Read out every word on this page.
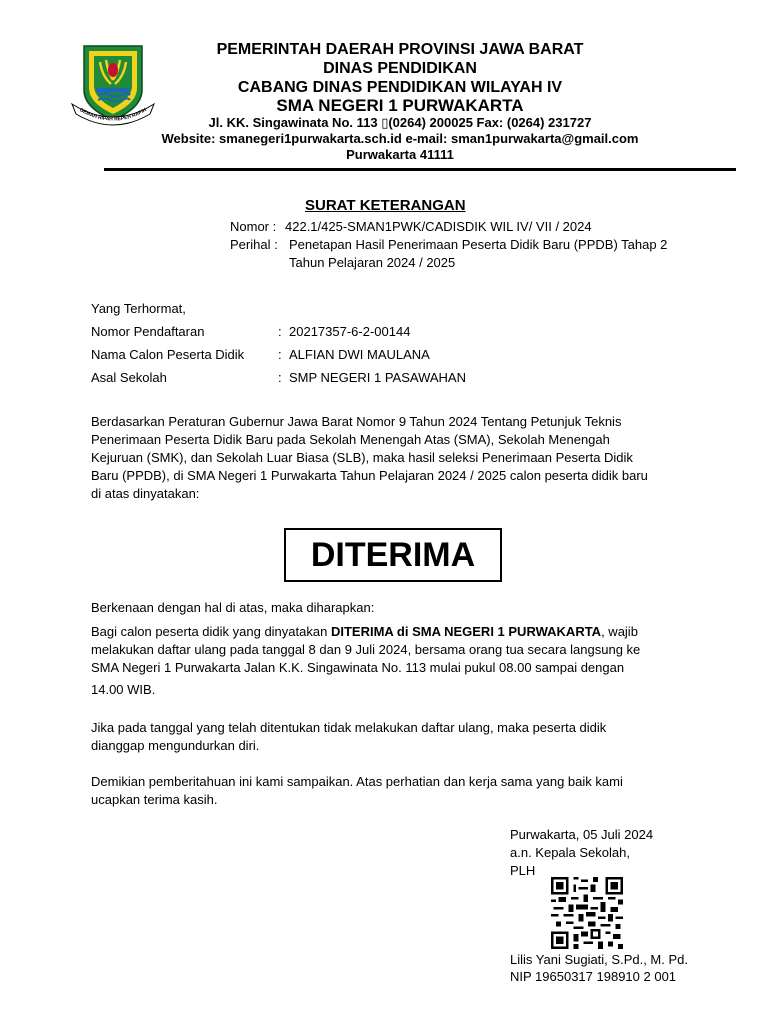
GEMAH RIPAH REPEH RAPIH
PEMERINTAH DAERAH PROVINSI JAWA BARAT
DINAS PENDIDIKAN
CABANG DINAS PENDIDIKAN WILAYAH IV
SMA NEGERI 1 PURWAKARTA
Jl. KK. Singawinata No. 113 ▯(0264) 200025 Fax: (0264) 231727
Website: smanegeri1purwakarta.sch.id e-mail: sman1purwakarta@gmail.com
Purwakarta 41111
SURAT KETERANGAN
Nomor : 422.1/425-SMAN1PWK/CADISDIK WIL IV/ VII / 2024
Perihal : Penetapan Hasil Penerimaan Peserta Didik Baru (PPDB) Tahap 2
Tahun Pelajaran 2024 / 2025
Yang Terhormat,
Nomor Pendaftaran	: 20217357-6-2-00144
Nama Calon Peserta Didik	: ALFIAN DWI MAULANA
Asal Sekolah	: SMP NEGERI 1 PASAWAHAN
Berdasarkan Peraturan Gubernur Jawa Barat Nomor 9 Tahun 2024 Tentang Petunjuk Teknis
Penerimaan Peserta Didik Baru pada Sekolah Menengah Atas (SMA), Sekolah Menengah
Kejuruan (SMK), dan Sekolah Luar Biasa (SLB), maka hasil seleksi Penerimaan Peserta Didik
Baru (PPDB), di SMA Negeri 1 Purwakarta Tahun Pelajaran 2024 / 2025 calon peserta didik baru
di atas dinyatakan:
DITERIMA
Berkenaan dengan hal di atas, maka diharapkan:
Bagi calon peserta didik yang dinyatakan DITERIMA di SMA NEGERI 1 PURWAKARTA, wajib
melakukan daftar ulang pada tanggal 8 dan 9 Juli 2024, bersama orang tua secara langsung ke
SMA Negeri 1 Purwakarta Jalan K.K. Singawinata No. 113 mulai pukul 08.00 sampai dengan
14.00 WIB.
Jika pada tanggal yang telah ditentukan tidak melakukan daftar ulang, maka peserta didik
dianggap mengundurkan diri.
Demikian pemberitahuan ini kami sampaikan. Atas perhatian dan kerja sama yang baik kami
ucapkan terima kasih.
Purwakarta, 05 Juli 2024
a.n. Kepala Sekolah,
PLH
Lilis Yani Sugiati, S.Pd., M. Pd.
NIP 19650317 198910 2 001
